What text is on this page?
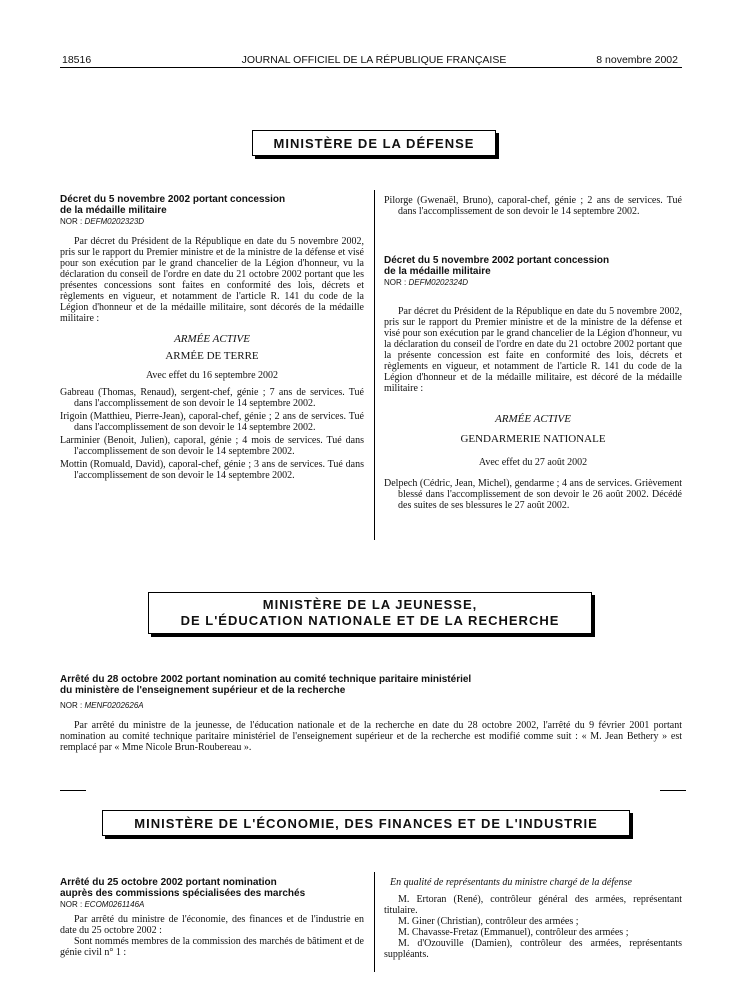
18516	JOURNAL OFFICIEL DE LA RÉPUBLIQUE FRANÇAISE	8 novembre 2002
MINISTÈRE DE LA DÉFENSE

Décret du 5 novembre 2002 portant concession

de la médaille militaire

NOR : DEFM0202323D

Par décret du Président de la République en date du 5 novembre 2002, pris sur le rapport du Premier ministre et de la ministre de la défense et visé pour son exécution par le grand chancelier de la Légion d'honneur, vu la déclaration du conseil de l'ordre en date du 21 octobre 2002 portant que les présentes concessions sont faites en conformité des lois, décrets et règlements en vigueur, et notamment de l'article R. 141 du code de la Légion d'honneur et de la médaille militaire, sont décorés de la médaille militaire :

ARMÉE ACTIVE

ARMÉE DE TERRE

Avec effet du 16 septembre 2002

Gabreau (Thomas, Renaud), sergent-chef, génie ; 7 ans de services. Tué dans l'accomplissement de son devoir le 14 septembre 2002.

Irigoin (Matthieu, Pierre-Jean), caporal-chef, génie ; 2 ans de services. Tué dans l'accomplissement de son devoir le 14 septembre 2002.

Larminier (Benoit, Julien), caporal, génie ; 4 mois de services. Tué dans l'accomplissement de son devoir le 14 septembre 2002.

Mottin (Romuald, David), caporal-chef, génie ; 3 ans de services. Tué dans l'accomplissement de son devoir le 14 septembre 2002.

Pilorge (Gwenaël, Bruno), caporal-chef, génie ; 2 ans de services. Tué dans l'accomplissement de son devoir le 14 septembre 2002.

Décret du 5 novembre 2002 portant concession

de la médaille militaire

NOR : DEFM0202324D

Par décret du Président de la République en date du 5 novembre 2002, pris sur le rapport du Premier ministre et de la ministre de la défense et visé pour son exécution par le grand chancelier de la Légion d'honneur, vu la déclaration du conseil de l'ordre en date du 21 octobre 2002 portant que la présente concession est faite en conformité des lois, décrets et règlements en vigueur, et notamment de l'article R. 141 du code de la Légion d'honneur et de la médaille militaire, est décoré de la médaille militaire :

ARMÉE ACTIVE

GENDARMERIE NATIONALE

Avec effet du 27 août 2002

Delpech (Cédric, Jean, Michel), gendarme ; 4 ans de services. Grièvement blessé dans l'accomplissement de son devoir le 26 août 2002. Décédé des suites de ses blessures le 27 août 2002.

MINISTÈRE DE LA JEUNESSE,
DE L'ÉDUCATION NATIONALE ET DE LA RECHERCHE

Arrêté du 28 octobre 2002 portant nomination au comité technique paritaire ministériel

du ministère de l'enseignement supérieur et de la recherche

NOR : MENF0202626A

Par arrêté du ministre de la jeunesse, de l'éducation nationale et de la recherche en date du 28 octobre 2002, l'arrêté du 9 février 2001 portant nomination au comité technique paritaire ministériel de l'enseignement supérieur et de la recherche est modifié comme suit : « M. Jean Bethery » est remplacé par « Mme Nicole Brun-Roubereau ».

MINISTÈRE DE L'ÉCONOMIE, DES FINANCES ET DE L'INDUSTRIE

Arrêté du 25 octobre 2002 portant nomination

auprès des commissions spécialisées des marchés

NOR : ECOM0261146A

Par arrêté du ministre de l'économie, des finances et de l'industrie en date du 25 octobre 2002 :

Sont nommés membres de la commission des marchés de bâtiment et de génie civil n° 1 :

En qualité de représentants du ministre chargé de la défense

M. Ertoran (René), contrôleur général des armées, représentant titulaire.

M. Giner (Christian), contrôleur des armées ;

M. Chavasse-Fretaz (Emmanuel), contrôleur des armées ;

M. d'Ozouville (Damien), contrôleur des armées, représentants suppléants.
